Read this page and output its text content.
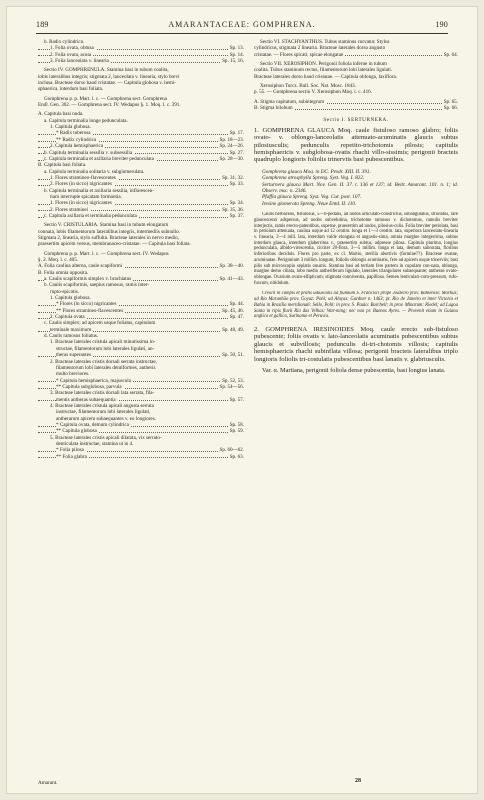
189	AMARANTACEAE: GOMPHRENA.	190
b. Radix cylindrica.
1. Folia ovata, obtusa	Sp. 13.
2. Folia ovata, acuta	Sp. 14.
3. Folia lanceolata v. linearia	Sp. 15, 16.
Sectio IV. GOMPHRENULA. Stamina basi in tubum coalita,
lobis lateralibus integris; stigmata 2, lanceolata v. linearia, stylo brevi
inclusa. Bracteae dorso haud cristatae. — Capitula globosa v. hemi-
sphaerica, interdum basi foliata.
Gomphrena p. p. Mart. l. c. — Gomphrena sect. Gomphrena
Endl. Gen. 302. — Gomphrena sect. IV. Wedapus §. 1. Moq. l. c. 391.
A. Capitula basi nuda.
a. Capitula terminalia longe pedunculata.
1. Capitula globosa.
* Radix tuberosa	Sp. 17.
** Radix cylindrica	Sp. 18—23.
2. Capitula hemisphaerica	Sp. 24—26.
b. Capitula terminalia sessilia v. subsessilia	Sp. 27.
c. Capitula terminalia et axillaria breviter pedunculata	Sp. 28—30.
B. Capitula basi foliata.
a. Capitula terminalia solitaria v. subglomerulata.
1. Flores stramineo-flavescentes	Sp. 31, 32.
2. Flores (in sicco) nigricantes	Sp. 33.
b. Capitula terminalia et axillaria sessilia, inflorescen-
tiam interrupte spicatam formantia.
1. Flores (in sicco) nigricantes	Sp. 34.
2. Flores straminei	Sp. 35, 36.
c. Capitula axillaria et terminalia pedunculata	Sp. 37.
Sectio V. CRISTULARIA. Stamina basi in tubum elongatum
connata, lobis filamentorum lateralibus integris, intermediis subnullo.
Stigmata 2, linearia, stylo suffulta. Bracteae laterales in nervo medio,
praesertim apicem versus, membranaceo-cristatae. — Capitula basi foliata.
Gomphrena p. p. Mart. l. c. — Gomphrena sect. IV. Wedapus
§. 2. Moq. l. c. 405.
A. Folia caulina alterna, caule scapiformi	Sp. 38—40.
B. Folia omnia opposita.
a. Caulis scapiformis simplex v. brachiatus	Sp. 41—43.
b. Caulis scapiformis, saepius ramosus, ramis inter-
rupto-spicatis.
1. Capitula globosa.
* Flores (in sicco) nigricantes	Sp. 44.
** Flores stramineo-flavescentes	Sp. 45, 46.
2. Capitula ovata	Sp. 47.
c. Caulis simplex; ad apicem usque foliatus, capitulum
terminale maximum	Sp. 48, 49.
d. Caulis ramosus foliatus.
1. Bracteae laterales cristula apicali minutissima in-
structae, filamentorum lobi laterales ligulati, an-
theras superantes	Sp. 50, 51.
2. Bracteae laterales cristis dorsali serrata instructae,
filamentorum lobi laterales dentiformes, antheris
multo breviores.
* Capitula hemisphaerica, majuscula	Sp. 52, 53.
** Capitula subglobosa, parvula	Sp. 54—56.
3. Bracteae laterales cristis dorsali lata serrata, fila-
mentis antheras subaequantia	Sp. 57.
4. Bracteae laterales cristula apicali angusta serrata
instructae, filamentorum lobi laterales ligulati,
antherarum apicem subaequantes v. eo longiores.
* Capitula ovata, demum cylindrica	Sp. 58.
** Capitula globosa	Sp. 59.
5. Bracteae laterales cristis apicali dilatata, vix serrato-
denticulata instructae, stamina ut in 4.
* Folia pilosa	Sp. 60—62.
** Folia glabra	Sp. 63.
Amarant.
Sectio VI. STACHYANTHUS. Tubus staminus curvatur. Stylus
cylindricus, stigmata 2 linearia. Bracteae laterales dorso angusto
cristatae. — Flores spicati, spicae elongatae	Sp. 64.
Sectio VII. XEROSIPHON. Perigonii foliola inferne in tubum
coalita. Tubus staminum rectus, filamentorum lobi laterales ligulati.
Bracteae laterales dorso haud cristatae. — Capitula oblonga, laxiflora.
Xerosiphon Turcz. Bull. Soc. Nat. Mosc. 1843.
p. 55. — Gomphrena sectio V. Xerosiphon Moq. l. c. 416.
A. Stigma capitatum, subintegrum	Sp. 65.
B. Stigma bilobum	Sp. 66.
Sectio I. SERTURNERA.
1. GOMPHRENA GLAUCA Moq. caule fistuloso ramoso glabro; foliis ovato- v. oblongo-lanceolatis attenuato-acuminatis glaucis subtus pilosiusculis; pedunculis repetito-trichotomis pilosis; capitulis hemisphaericis v. subglobosa-ovatis rhachi villo-sissimis; perigonii bracteis quadruplo longioris foliolis trinerviis basi pubescentibus.
Gomphrena glauca Moq. in DC. Prodr. XIII. II. 391.
Gomphrena atrosphylla Spreng. Syst. Veg. I. 822.
Serturnera glauca Mart. Nov. Gen. II. 37. t. 136 et 137; id. Beitr. Amarant. 101. n. 1; id. Observ. msc. n. 2346.
Pfaffia glauca Spreng. Syst. Veg. Cur. post. 107.
Iresine glomerata Spreng. Neue Entd. II. 110.
Caulis herbaceus, fistulosus, 5—6-pedalis, ad nodos articulato-constrictus, subangulatus, striolatus, rare glaucescenti adspersus, ad nodos subvelutina, trichotome ramosus v. dichotomus, ramulis breviter interjectis, ramis erecto-patentibus, superne, praesertim ad nodos, pilosius-culis. Folia breviter petiolata, basi in petiolum attenuata, caulina usque ad 12 centim. longa et 1—3 centim. lata, superiora lanceolato-linearia v. linearia, 2—4 mill. lata, interdum valde elongata et angustis-sima, omnia margine integerrima, subtus interdum glauca, interdum glaberrima v., praesertim subtus, adpresse pilosa. Capitula plurima, longius pedunculata, albido-virescentia, circiter 20-flora, 3—5 millim. longa et lata, demum subrotata, floribus inferioribus deciduis. Flores pro parte, ex cl. Martio, sterilia abortivis (formine??). Bracteae ovatae, acuminatae. Perigonium 3 millim. longum, foliolis oblongis acuminatis, fere ad apicem usque trinerviis; basi pilis sub microscopio sepiatis onustis. Stamina basi ad tertiam fere partem in cupulam con-nata, oblonga, margine demo ciliata, lobo medio antheriferum ligulato, laterales triangulares subaequante; antherae ovato-oblongae. Ovarium ovato-ellipticum; stigmata conniventia, papillosa. Semen lenticulari-com-pressum, rufo-fuscum, nitidulum.
Crescit in campis et pratis udiusculis ad flumium S. Francisci prope Joazeiro prov. Bahiensis: Martius; ad Rio Maranhão prov. Goyaz: Pohl; ad Aloyas: Gardner n. 1463; pr. Rio de Janeiro et inter Victoria et Bahia in Brasilia meridionali: Sello, Pohl; in prov. S. Paulo: Burchell; in prov. Minarum: Riedel; ad Lagoa Santa in ripis fluvii Rio das Velhas: War-ming; nec non pr. Buenos Ayres. — Provenit etiam in Guiana anglica et gallica, Surinamo et Peruvia.
2. GOMPHRENA IRESINOIDES Moq. caule erecto sub-fistuloso pubescente; foliis ovatis v. lato-lanceolatis acuminatis pubescentibus subtus glaucis et subvillosis; pedunculis di-tri-chotomis villosis; capitulis hemisphaericis rhachi subinflata villosa; perigonii bracteis lateralibus triplo longioris foliolis tri-costulatis pubescentibus basi lanatis v. glabriusculis.
Var. α. Martiana, perigonii foliola dense pubescentia, basi longius lanata.
28
